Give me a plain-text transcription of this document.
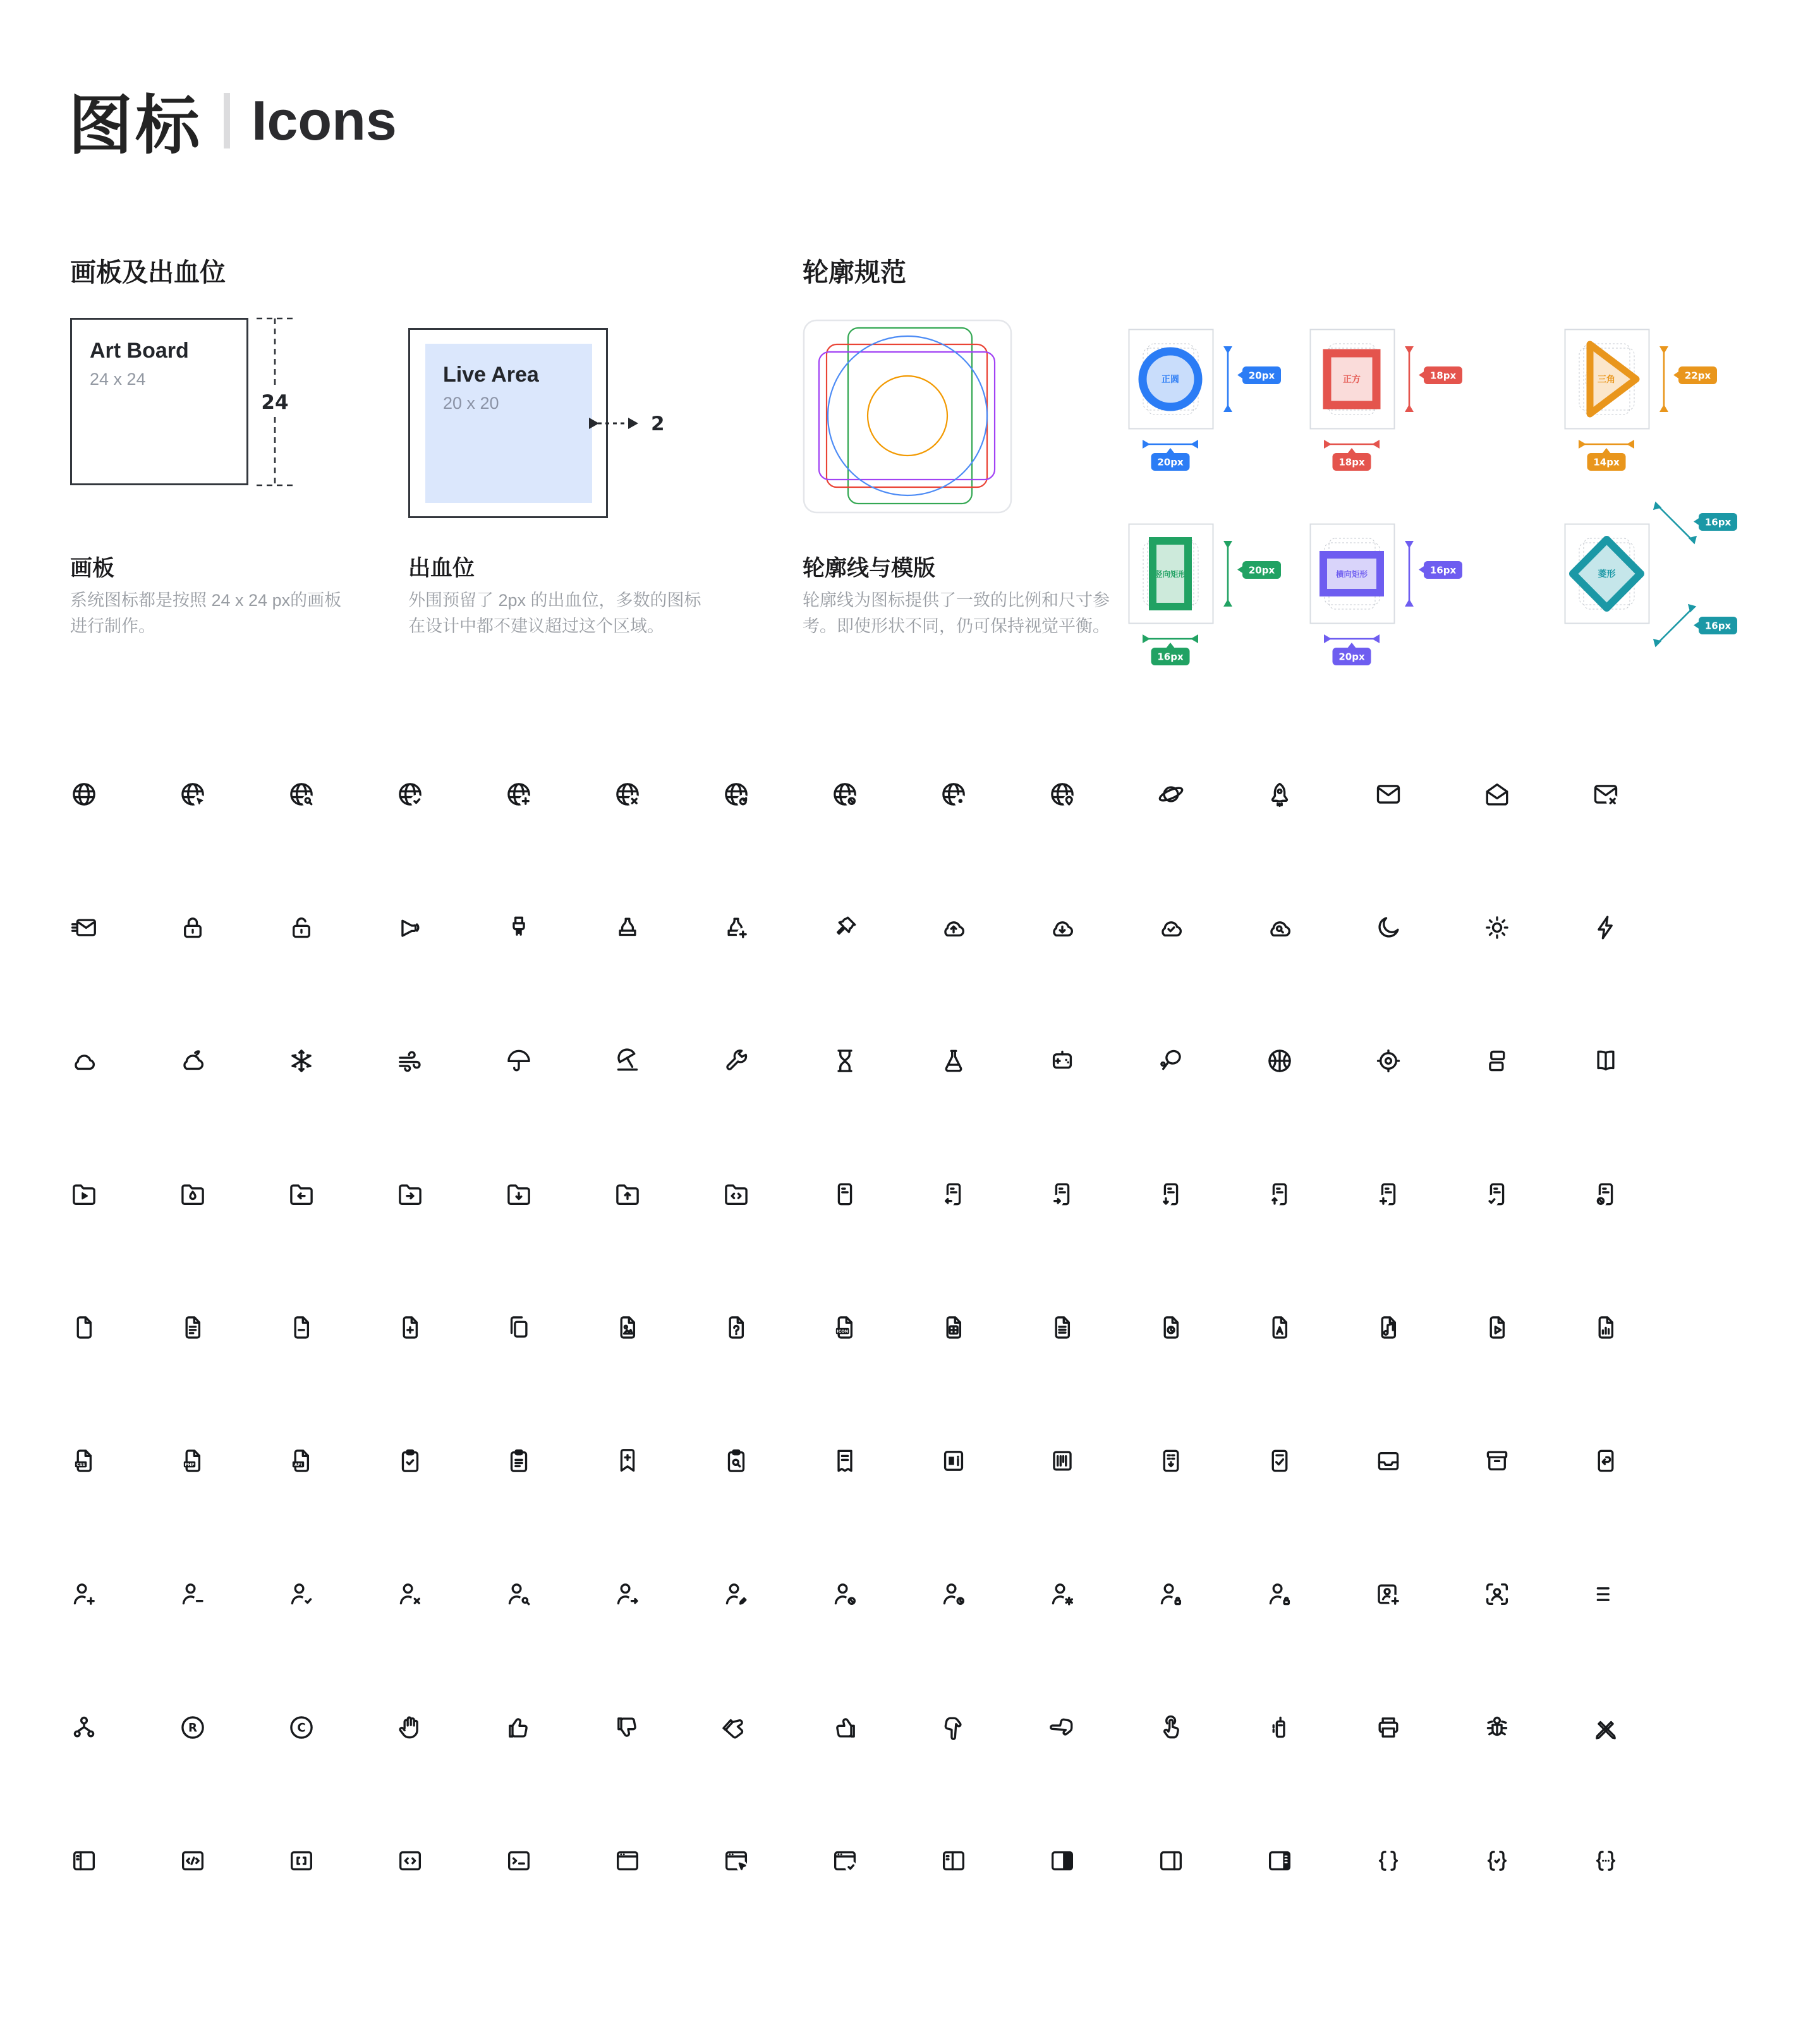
图标 Icons
画板及出血位	轮廓规范
Art Board
24 x 24
24
Live Area
20 x 20
2
画板
系统图标都是按照 24 x 24 px的画板进行制作。
出血位
外围预留了 2px 的出血位，多数的图标在设计中都不建议超过这个区域。
轮廓线与模版
轮廓线为图标提供了一致的比例和尺寸参考。即使形状不同，仍可保持视觉平衡。
正圆	20px
20px
正方	18px
18px
三角	22px
14px
竖向矩形	20px
16px
横向矩形	16px
20px
菱形
16px
16px
ICON
CSS	PHP	API
R	C
